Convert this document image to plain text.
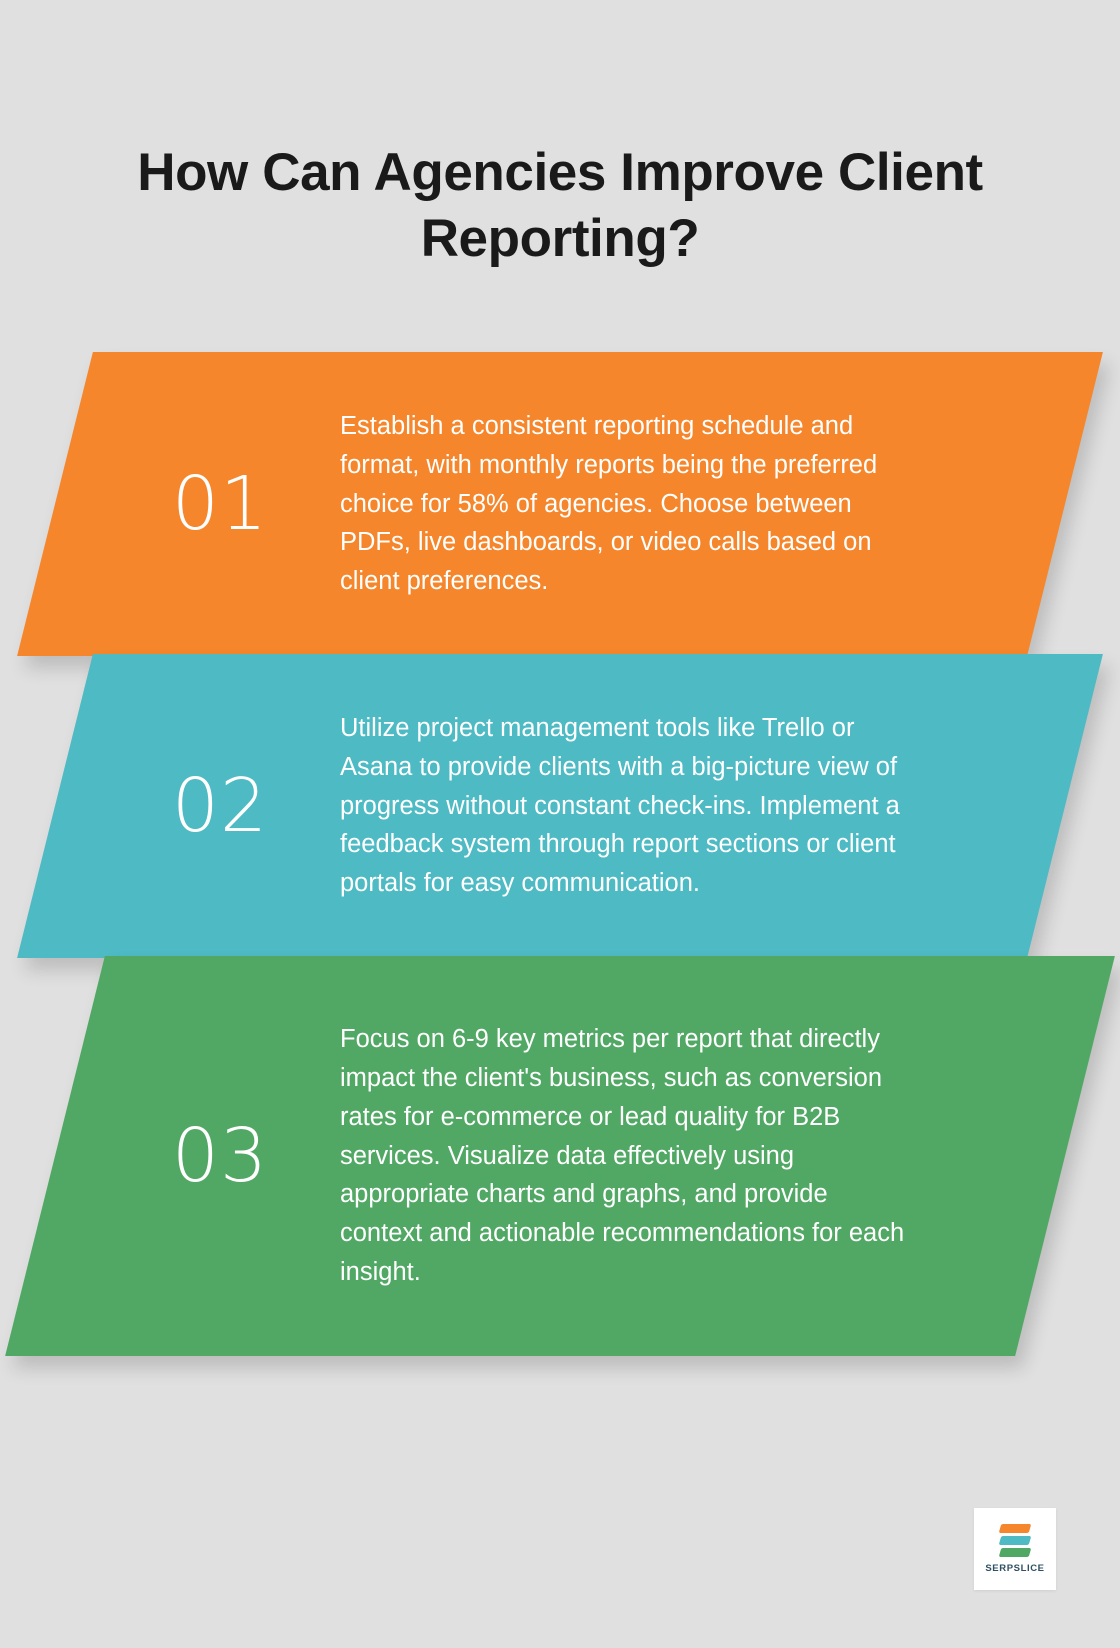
How Can Agencies Improve Client Reporting?
01
Establish a consistent reporting schedule and format, with monthly reports being the preferred choice for 58% of agencies. Choose between PDFs, live dashboards, or video calls based on client preferences.
02
Utilize project management tools like Trello or Asana to provide clients with a big-picture view of progress without constant check-ins. Implement a feedback system through report sections or client portals for easy communication.
03
Focus on 6-9 key metrics per report that directly impact the client's business, such as conversion rates for e-commerce or lead quality for B2B services. Visualize data effectively using appropriate charts and graphs, and provide context and actionable recommendations for each insight.
SERPSLICE
